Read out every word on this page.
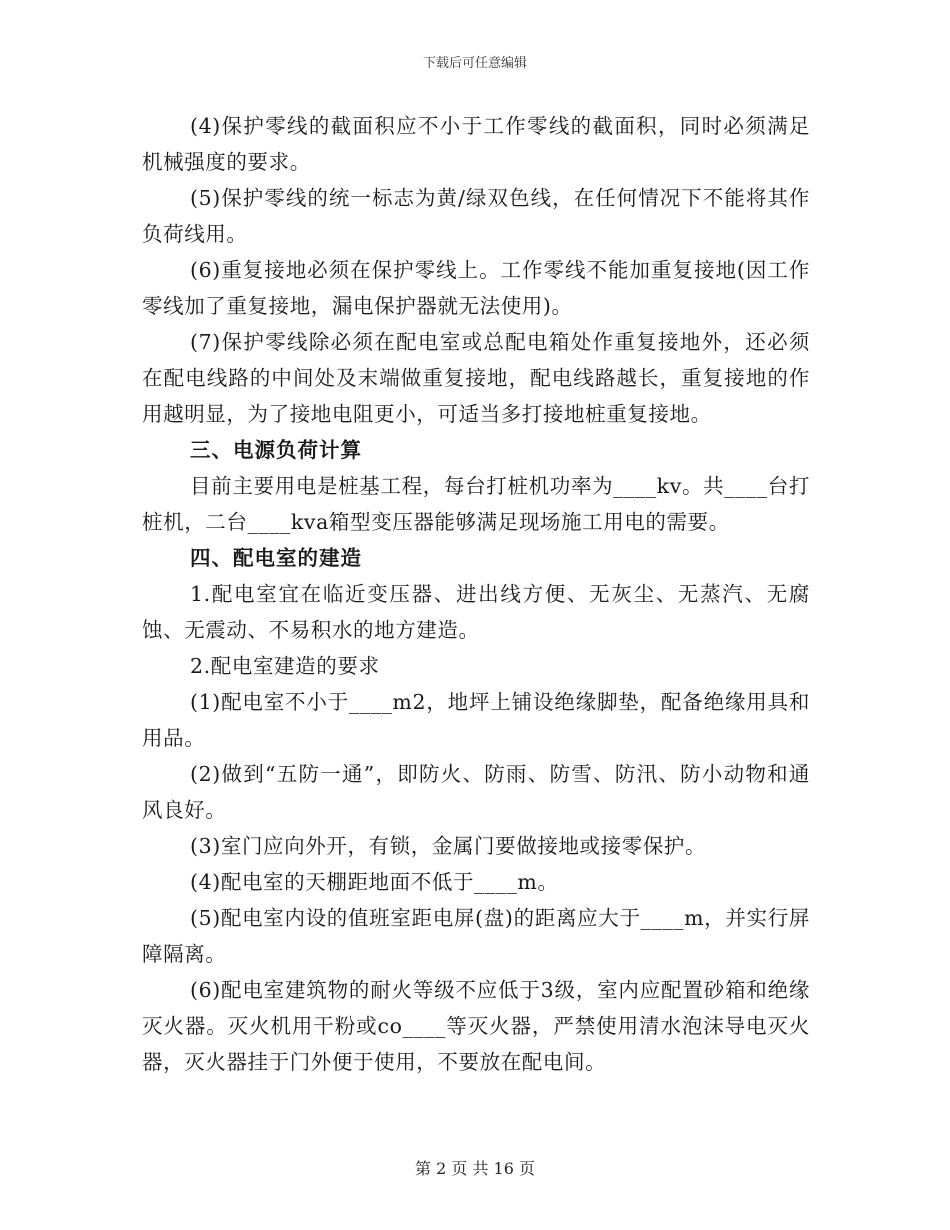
下载后可任意编辑

(4)保护零线的截面积应不小于工作零线的截面积，同时必须满足机械强度的要求。

(5)保护零线的统一标志为黄/绿双色线，在任何情况下不能将其作负荷线用。

(6)重复接地必须在保护零线上。工作零线不能加重复接地(因工作零线加了重复接地，漏电保护器就无法使用)。

(7)保护零线除必须在配电室或总配电箱处作重复接地外，还必须在配电线路的中间处及末端做重复接地，配电线路越长，重复接地的作用越明显，为了接地电阻更小，可适当多打接地桩重复接地。

三、电源负荷计算

目前主要用电是桩基工程，每台打桩机功率为____kv。共____台打桩机，二台____kva箱型变压器能够满足现场施工用电的需要。

四、配电室的建造

1.配电室宜在临近变压器、进出线方便、无灰尘、无蒸汽、无腐蚀、无震动、不易积水的地方建造。

2.配电室建造的要求

(1)配电室不小于____m2，地坪上铺设绝缘脚垫，配备绝缘用具和用品。

(2)做到“五防一通”，即防火、防雨、防雪、防汛、防小动物和通风良好。

(3)室门应向外开，有锁，金属门要做接地或接零保护。

(4)配电室的天棚距地面不低于____m。

(5)配电室内设的值班室距电屏(盘)的距离应大于____m，并实行屏障隔离。

(6)配电室建筑物的耐火等级不应低于3级，室内应配置砂箱和绝缘灭火器。灭火机用干粉或co____等灭火器，严禁使用清水泡沫导电灭火器，灭火器挂于门外便于使用，不要放在配电间。

第 2 页 共 16 页
